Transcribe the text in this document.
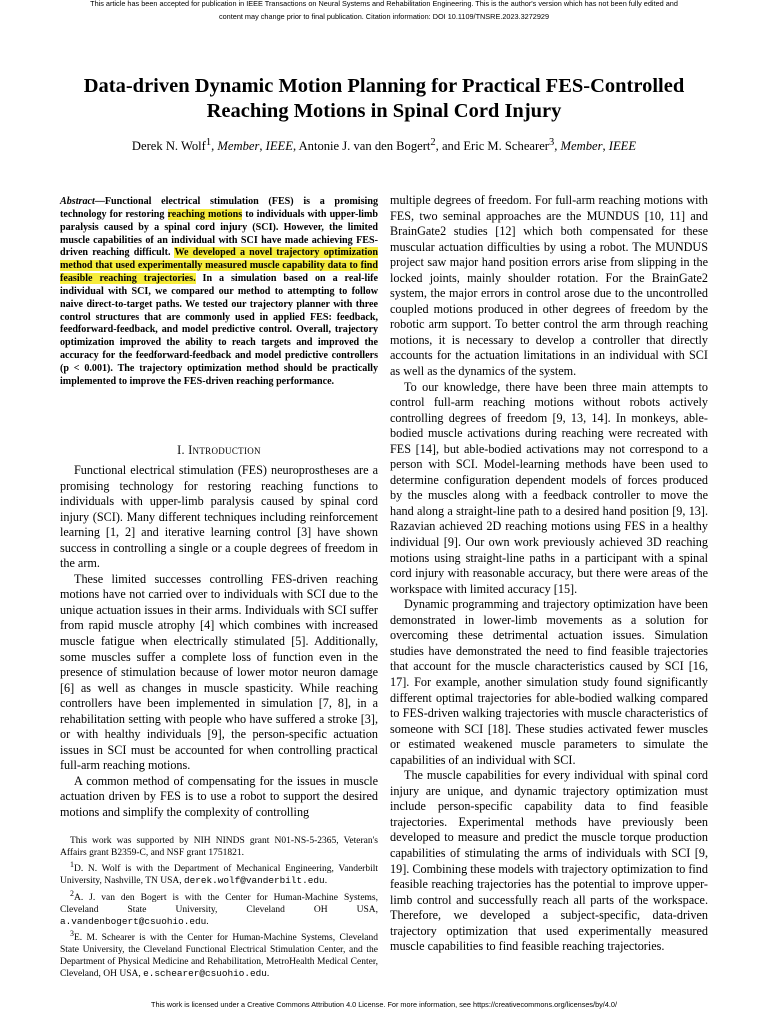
This article has been accepted for publication in IEEE Transactions on Neural Systems and Rehabilitation Engineering. This is the author's version which has not been fully edited and
content may change prior to final publication. Citation information: DOI 10.1109/TNSRE.2023.3272929
Data-driven Dynamic Motion Planning for Practical FES-Controlled
Reaching Motions in Spinal Cord Injury
Derek N. Wolf$^1$, Member, IEEE, Antonie J. van den Bogert$^2$, and Eric M. Schearer$^3$, Member, IEEE
Abstract—Functional electrical stimulation (FES) is a promising technology for restoring reaching motions to individuals with upper-limb paralysis caused by a spinal cord injury (SCI). However, the limited muscle capabilities of an individual with SCI have made achieving FES-driven reaching difficult. We developed a novel trajectory optimization method that used experimentally measured muscle capability data to find feasible reaching trajectories. In a simulation based on a real-life individual with SCI, we compared our method to attempting to follow naive direct-to-target paths. We tested our trajectory planner with three control structures that are commonly used in applied FES: feedback, feedforward-feedback, and model predictive control. Overall, trajectory optimization improved the ability to reach targets and improved the accuracy for the feedforward-feedback and model predictive controllers (p < 0.001). The trajectory optimization method should be practically implemented to improve the FES-driven reaching performance.
I. Introduction

Functional electrical stimulation (FES) neuroprostheses are a promising technology for restoring reaching functions to individuals with upper-limb paralysis caused by spinal cord injury (SCI). Many different techniques including reinforcement learning [1, 2] and iterative learning control [3] have shown success in controlling a single or a couple degrees of freedom in the arm.

These limited successes controlling FES-driven reaching motions have not carried over to individuals with SCI due to the unique actuation issues in their arms. Individuals with SCI suffer from rapid muscle atrophy [4] which combines with increased muscle fatigue when electrically stimulated [5]. Additionally, some muscles suffer a complete loss of function even in the presence of stimulation because of lower motor neuron damage [6] as well as changes in muscle spasticity. While reaching controllers have been implemented in simulation [7, 8], in a rehabilitation setting with people who have suffered a stroke [3], or with healthy individuals [9], the person-specific actuation issues in SCI must be accounted for when controlling practical full-arm reaching motions.

A common method of compensating for the issues in muscle actuation driven by FES is to use a robot to support the desired motions and simplify the complexity of controlling

This work was supported by NIH NINDS grant N01-NS-5-2365, Veteran's Affairs grant B2359-C, and NSF grant 1751821.

$^1$D. N. Wolf is with the Department of Mechanical Engineering, Vanderbilt University, Nashville, TN USA, derek.wolf@vanderbilt.edu.

$^2$A. J. van den Bogert is with the Center for Human-Machine Systems, Cleveland State University, Cleveland OH USA, a.vandenbogert@csuohio.edu.

$^3$E. M. Schearer is with the Center for Human-Machine Systems, Cleveland State University, the Cleveland Functional Electrical Stimulation Center, and the Department of Physical Medicine and Rehabilitation, MetroHealth Medical Center, Cleveland, OH USA, e.schearer@csuohio.edu.

multiple degrees of freedom. For full-arm reaching motions with FES, two seminal approaches are the MUNDUS [10, 11] and BrainGate2 studies [12] which both compensated for these muscular actuation difficulties by using a robot. The MUNDUS project saw major hand position errors arise from slipping in the locked joints, mainly shoulder rotation. For the BrainGate2 system, the major errors in control arose due to the uncontrolled coupled motions produced in other degrees of freedom by the robotic arm support. To better control the arm through reaching motions, it is necessary to develop a controller that directly accounts for the actuation limitations in an individual with SCI as well as the dynamics of the system.

To our knowledge, there have been three main attempts to control full-arm reaching motions without robots actively controlling degrees of freedom [9, 13, 14]. In monkeys, able-bodied muscle activations during reaching were recreated with FES [14], but able-bodied activations may not correspond to a person with SCI. Model-learning methods have been used to determine configuration dependent models of forces produced by the muscles along with a feedback controller to move the hand along a straight-line path to a desired hand position [9, 13]. Razavian achieved 2D reaching motions using FES in a healthy individual [9]. Our own work previously achieved 3D reaching motions using straight-line paths in a participant with a spinal cord injury with reasonable accuracy, but there were areas of the workspace with limited accuracy [15].

Dynamic programming and trajectory optimization have been demonstrated in lower-limb movements as a solution for overcoming these detrimental actuation issues. Simulation studies have demonstrated the need to find feasible trajectories that account for the muscle characteristics caused by SCI [16, 17]. For example, another simulation study found significantly different optimal trajectories for able-bodied walking compared to FES-driven walking trajectories with muscle characteristics of someone with SCI [18]. These studies activated fewer muscles or estimated weakened muscle parameters to simulate the capabilities of an individual with SCI.

The muscle capabilities for every individual with spinal cord injury are unique, and dynamic trajectory optimization must include person-specific capability data to find feasible trajectories. Experimental methods have previously been developed to measure and predict the muscle torque production capabilities of stimulating the arms of individuals with SCI [9, 19]. Combining these models with trajectory optimization to find feasible reaching trajectories has the potential to improve upper-limb control and successfully reach all parts of the workspace. Therefore, we developed a subject-specific, data-driven trajectory optimization that used experimentally measured muscle capabilities to find feasible reaching trajectories.

This work is licensed under a Creative Commons Attribution 4.0 License. For more information, see https://creativecommons.org/licenses/by/4.0/
